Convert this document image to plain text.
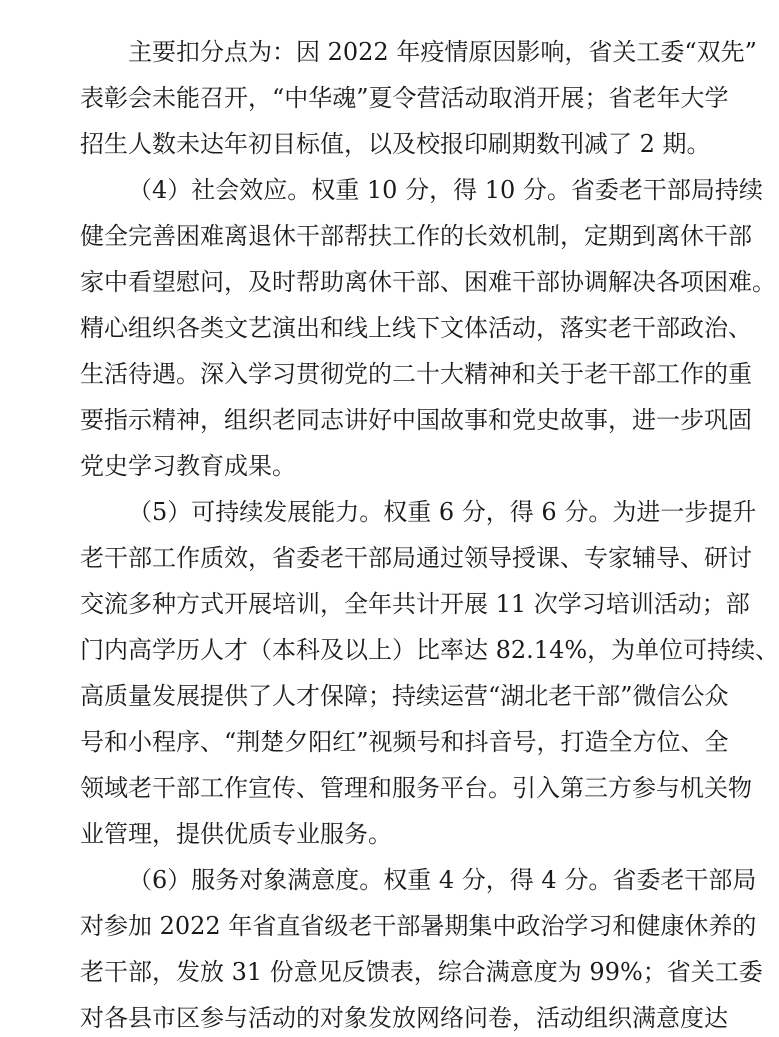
主要扣分点为：因 2022 年疫情原因影响，省关工委“双先”
表彰会未能召开，“中华魂”夏令营活动取消开展；省老年大学
招生人数未达年初目标值，以及校报印刷期数刊减了 2 期。
（4）社会效应。权重 10 分，得 10 分。省委老干部局持续
健全完善困难离退休干部帮扶工作的长效机制，定期到离休干部
家中看望慰问，及时帮助离休干部、困难干部协调解决各项困难。
精心组织各类文艺演出和线上线下文体活动，落实老干部政治、
生活待遇。深入学习贯彻党的二十大精神和关于老干部工作的重
要指示精神，组织老同志讲好中国故事和党史故事，进一步巩固
党史学习教育成果。
（5）可持续发展能力。权重 6 分，得 6 分。为进一步提升
老干部工作质效，省委老干部局通过领导授课、专家辅导、研讨
交流多种方式开展培训，全年共计开展 11 次学习培训活动；部
门内高学历人才（本科及以上）比率达 82.14%，为单位可持续、
高质量发展提供了人才保障；持续运营“湖北老干部”微信公众
号和小程序、“荆楚夕阳红”视频号和抖音号，打造全方位、全
领域老干部工作宣传、管理和服务平台。引入第三方参与机关物
业管理，提供优质专业服务。
（6）服务对象满意度。权重 4 分，得 4 分。省委老干部局
对参加 2022 年省直省级老干部暑期集中政治学习和健康休养的
老干部，发放 31 份意见反馈表，综合满意度为 99%；省关工委
对各县市区参与活动的对象发放网络问卷，活动组织满意度达
